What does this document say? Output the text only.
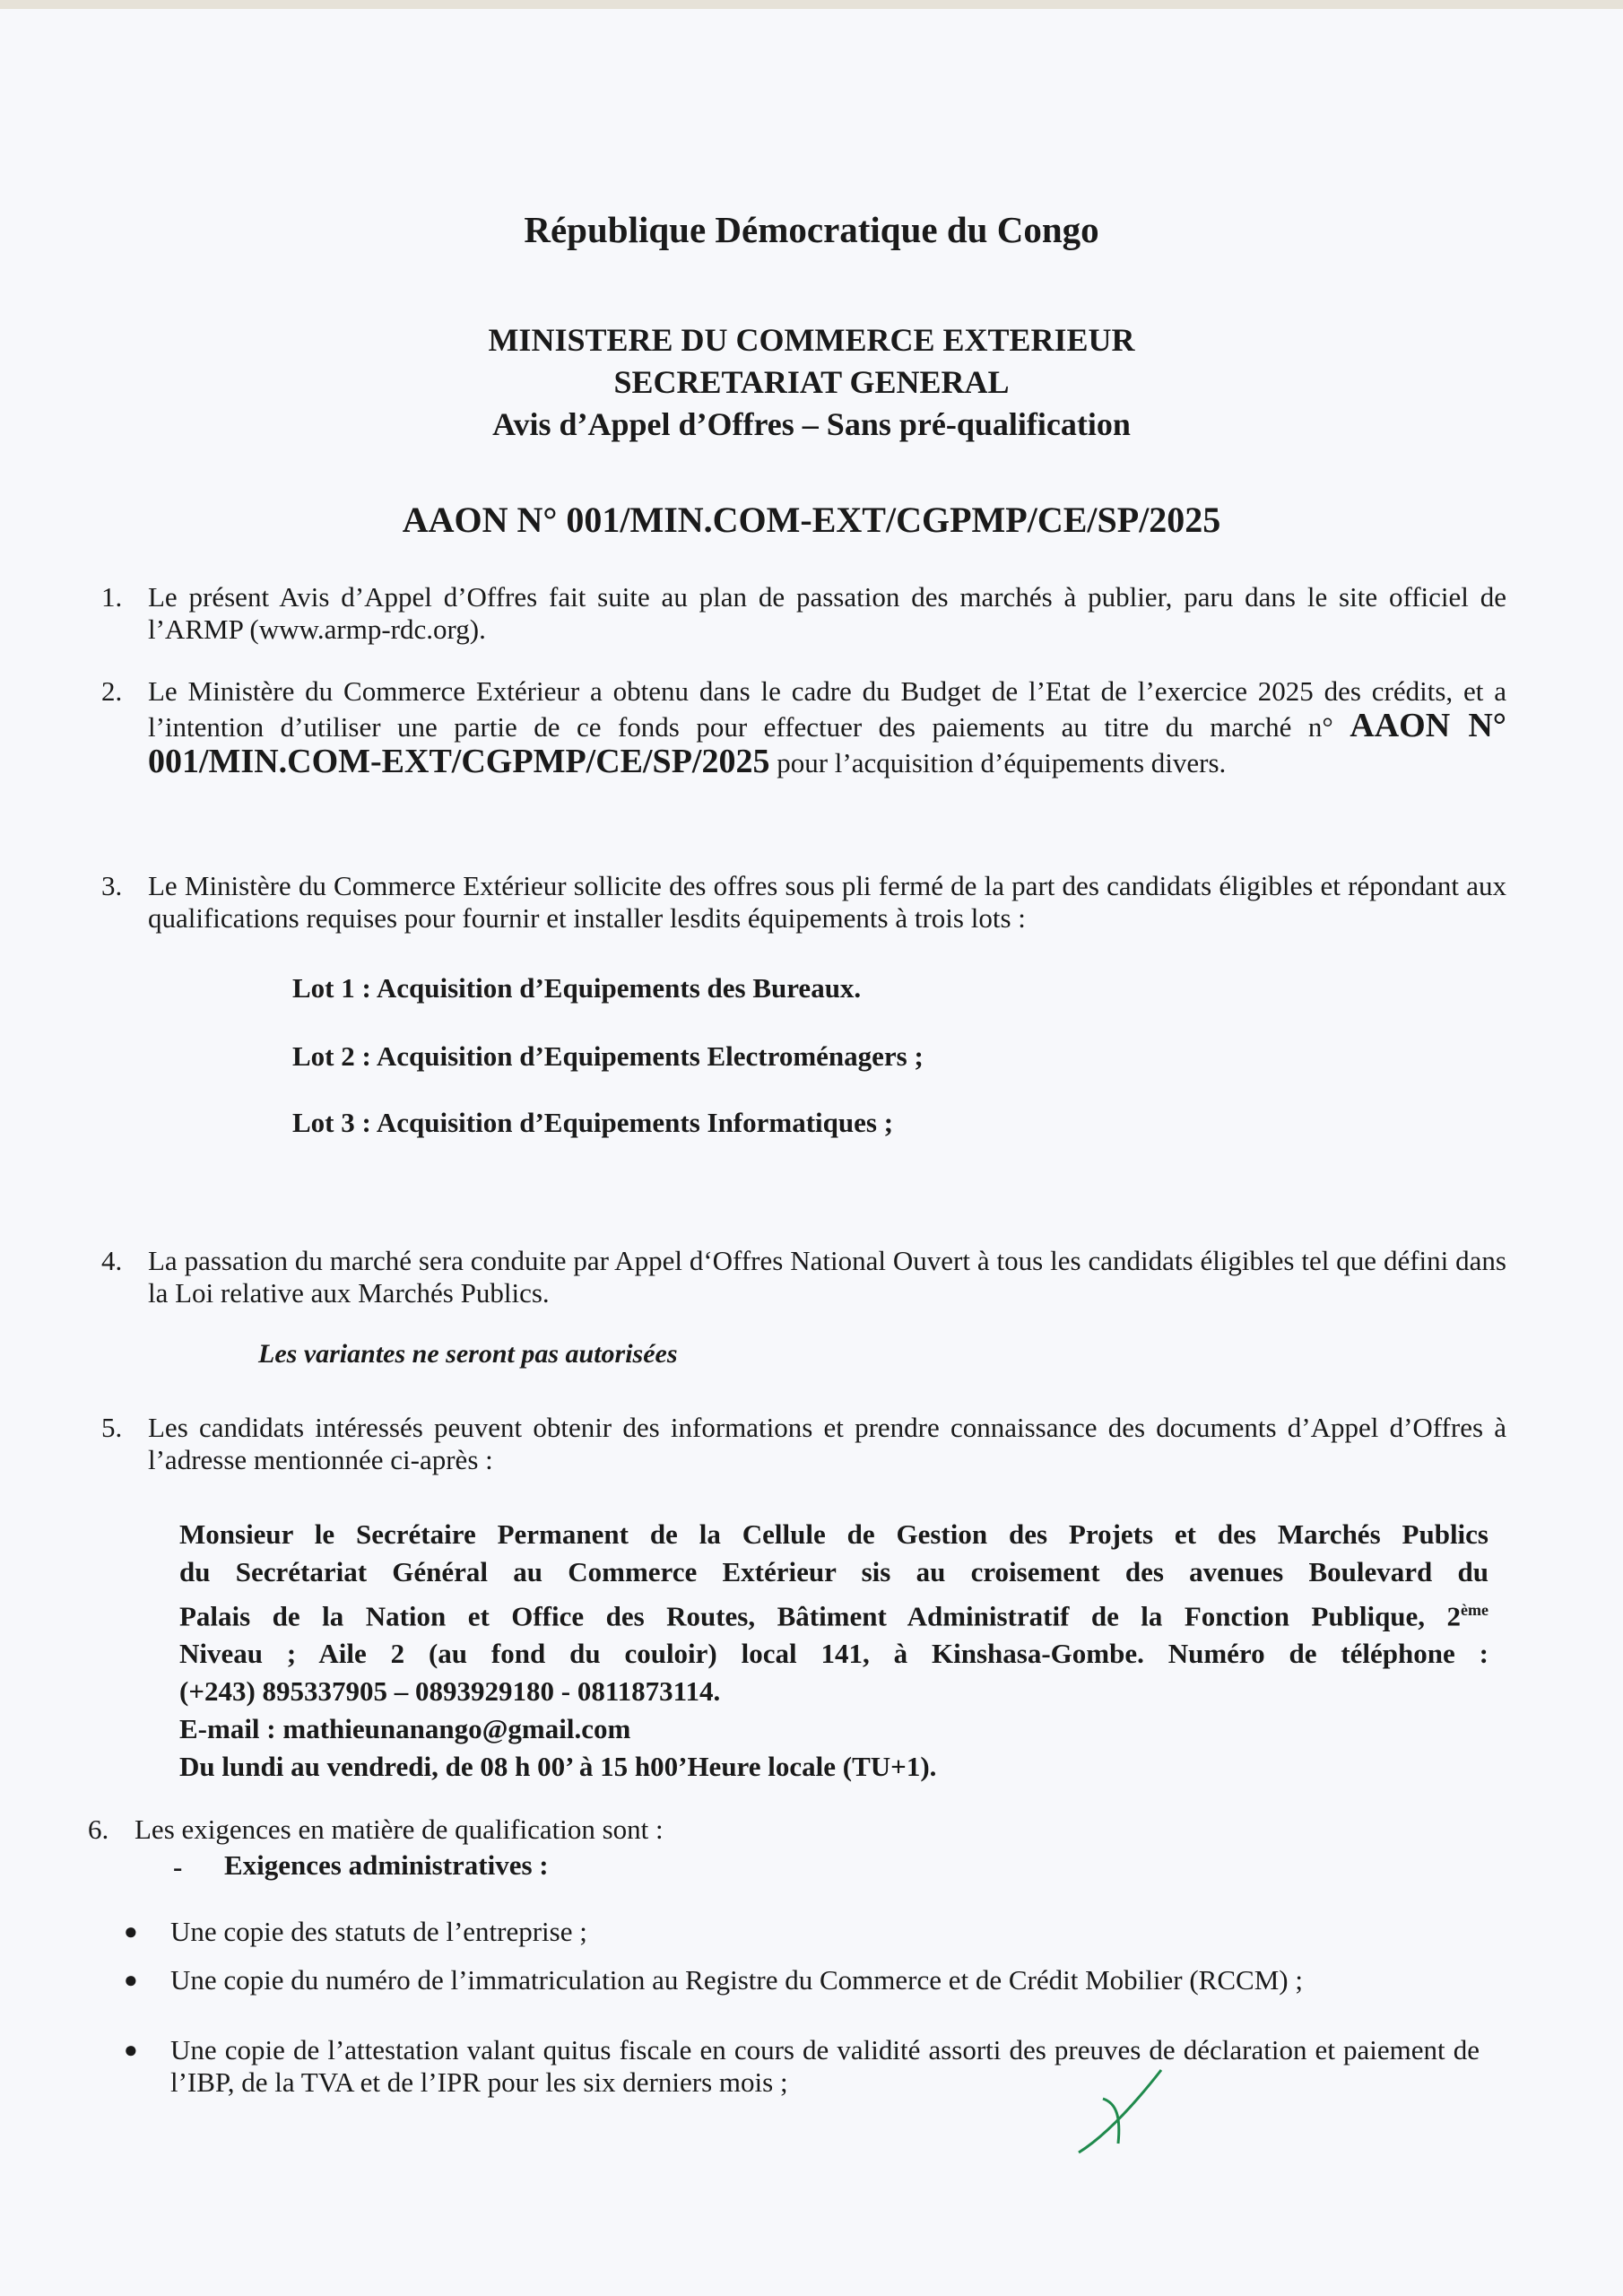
République Démocratique du Congo
MINISTERE DU COMMERCE EXTERIEUR
SECRETARIAT GENERAL
Avis d’Appel d’Offres – Sans pré-qualification
AAON N° 001/MIN.COM-EXT/CGPMP/CE/SP/2025
1. Le présent Avis d’Appel d’Offres fait suite au plan de passation des marchés à publier, paru dans le site officiel de l’ARMP (www.armp-rdc.org).
2. Le Ministère du Commerce Extérieur a obtenu dans le cadre du Budget de l’Etat de l’exercice 2025 des crédits, et a l’intention d’utiliser une partie de ce fonds pour effectuer des paiements au titre du marché n° AAON N° 001/MIN.COM-EXT/CGPMP/CE/SP/2025 pour l’acquisition d’équipements divers.
3. Le Ministère du Commerce Extérieur sollicite des offres sous pli fermé de la part des candidats éligibles et répondant aux qualifications requises pour fournir et installer lesdits équipements à trois lots :
Lot 1 : Acquisition d’Equipements des Bureaux.
Lot 2 : Acquisition d’Equipements Electroménagers ;
Lot 3 : Acquisition d’Equipements Informatiques ;
4. La passation du marché sera conduite par Appel d‘Offres National Ouvert à tous les candidats éligibles tel que défini dans la Loi relative aux Marchés Publics.
Les variantes ne seront pas autorisées
5. Les candidats intéressés peuvent obtenir des informations et prendre connaissance des documents d’Appel d’Offres à l’adresse mentionnée ci-après :
Monsieur le Secrétaire Permanent de la Cellule de Gestion des Projets et des Marchés Publics
du Secrétariat Général au Commerce Extérieur sis au croisement des avenues Boulevard du
Palais de la Nation et Office des Routes, Bâtiment Administratif de la Fonction Publique, 2ème
Niveau ; Aile 2 (au fond du couloir) local 141, à Kinshasa-Gombe. Numéro de téléphone :
(+243) 895337905 – 0893929180 - 0811873114.
E-mail : mathieunanango@gmail.com
Du lundi au vendredi, de 08 h 00’ à 15 h00’Heure locale (TU+1).
6. Les exigences en matière de qualification sont :
- Exigences administratives :
● Une copie des statuts de l’entreprise ;
● Une copie du numéro de l’immatriculation au Registre du Commerce et de Crédit Mobilier (RCCM) ;
● Une copie de l’attestation valant quitus fiscale en cours de validité assorti des preuves de déclaration et paiement de l’IBP, de la TVA et de l’IPR pour les six derniers mois ;
